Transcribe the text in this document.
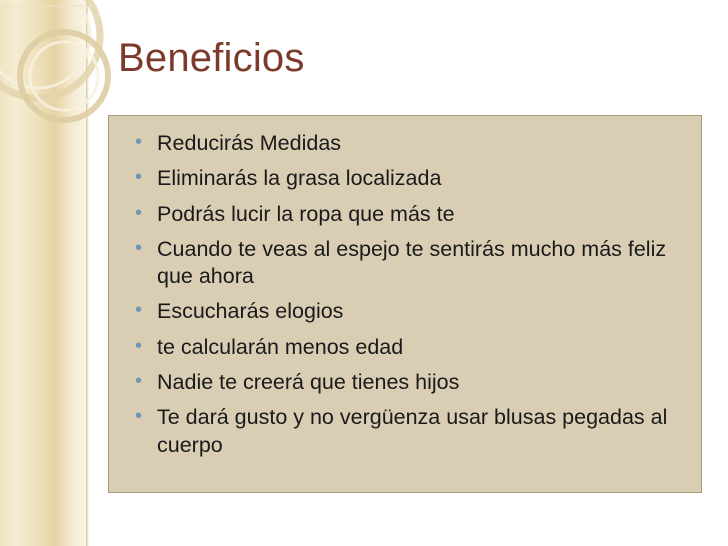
Beneficios
• Reducirás Medidas
• Eliminarás la grasa localizada
• Podrás lucir la ropa que más te
• Cuando te veas al espejo te sentirás mucho más feliz que ahora
• Escucharás elogios
• te calcularán menos edad
• Nadie te creerá que tienes hijos
• Te dará gusto y no vergüenza usar blusas pegadas al cuerpo
